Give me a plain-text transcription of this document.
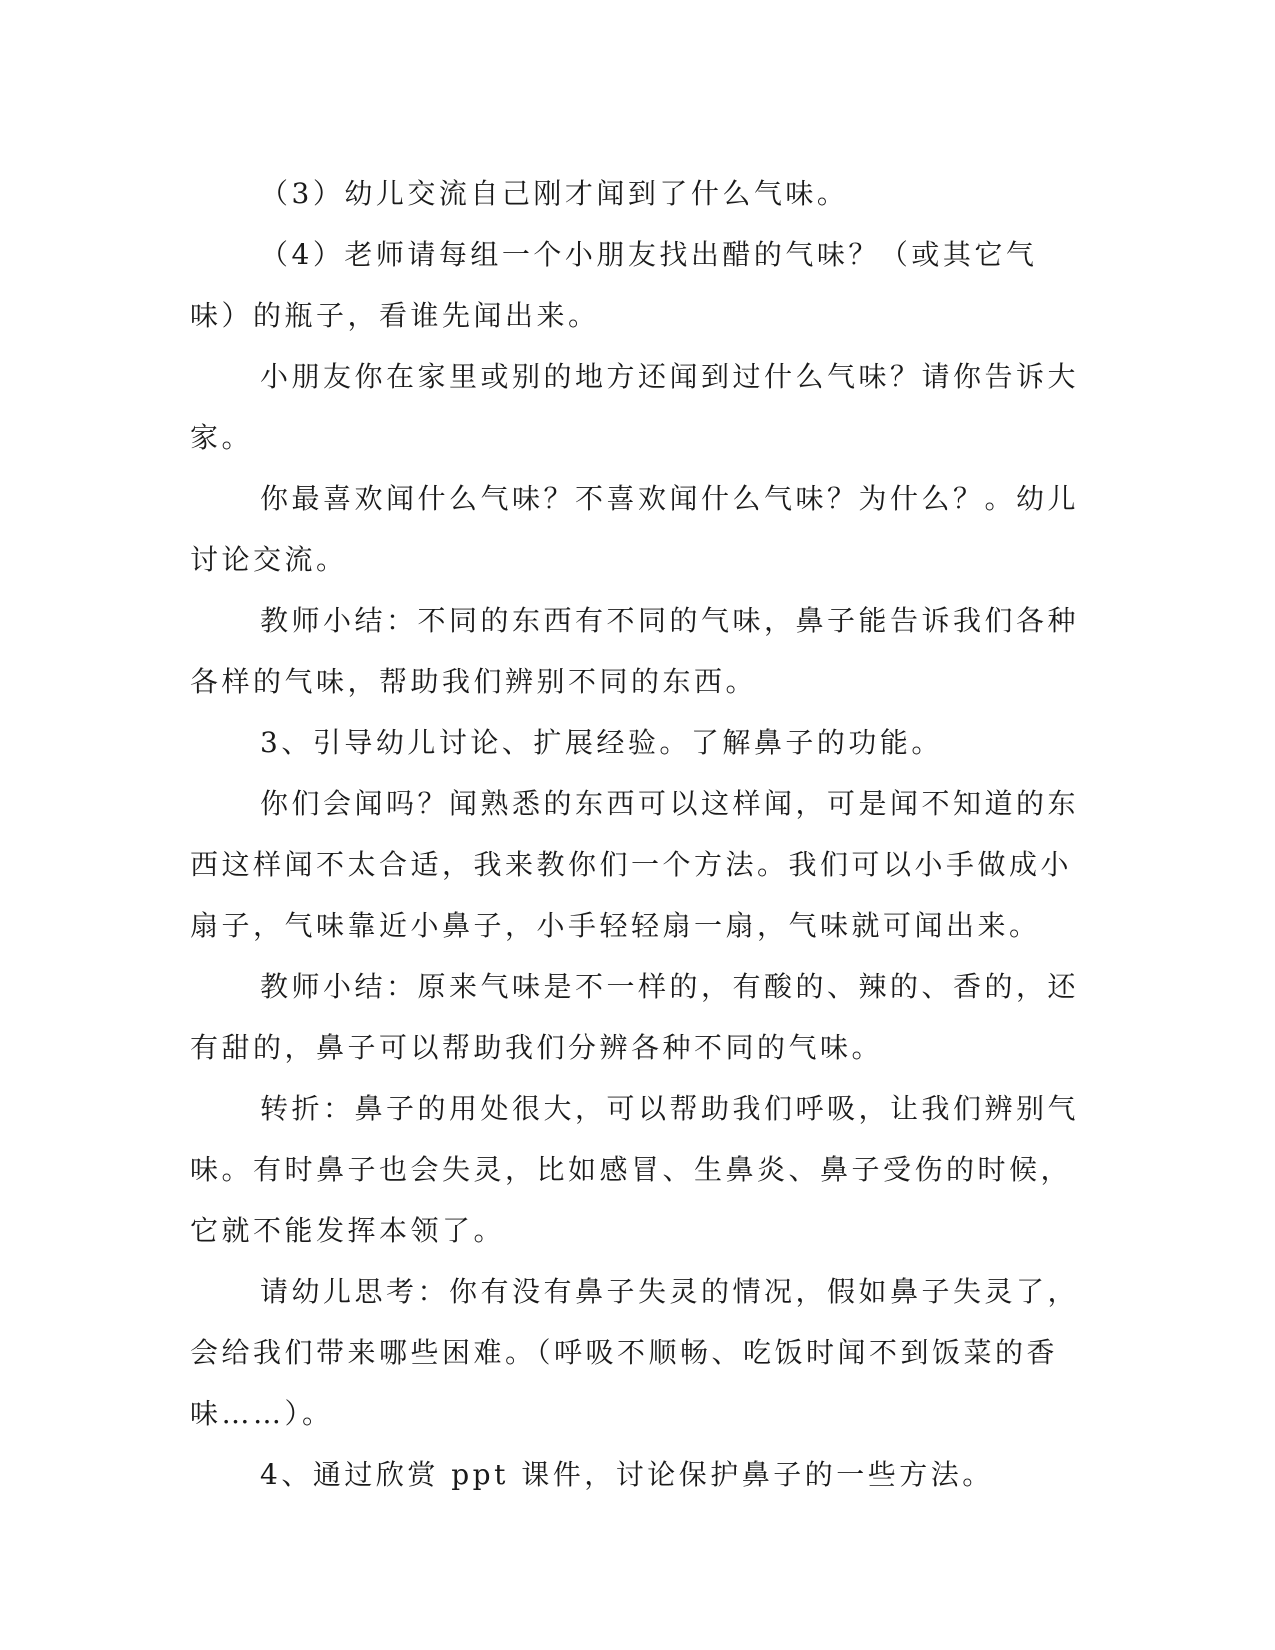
（3）幼儿交流自己刚才闻到了什么气味。

（4）老师请每组一个小朋友找出醋的气味？（或其它气味）的瓶子，看谁先闻出来。

小朋友你在家里或别的地方还闻到过什么气味？请你告诉大家。

你最喜欢闻什么气味？不喜欢闻什么气味？为什么？。幼儿讨论交流。

教师小结：不同的东西有不同的气味，鼻子能告诉我们各种各样的气味，帮助我们辨别不同的东西。

3、引导幼儿讨论、扩展经验。了解鼻子的功能。

你们会闻吗？闻熟悉的东西可以这样闻，可是闻不知道的东西这样闻不太合适，我来教你们一个方法。我们可以小手做成小扇子，气味靠近小鼻子，小手轻轻扇一扇，气味就可闻出来。

教师小结：原来气味是不一样的，有酸的、辣的、香的，还有甜的，鼻子可以帮助我们分辨各种不同的气味。

转折：鼻子的用处很大，可以帮助我们呼吸，让我们辨别气味。有时鼻子也会失灵，比如感冒、生鼻炎、鼻子受伤的时候，它就不能发挥本领了。

请幼儿思考：你有没有鼻子失灵的情况，假如鼻子失灵了，会给我们带来哪些困难。（呼吸不顺畅、吃饭时闻不到饭菜的香味……）。

4、通过欣赏 ppt 课件，讨论保护鼻子的一些方法。
